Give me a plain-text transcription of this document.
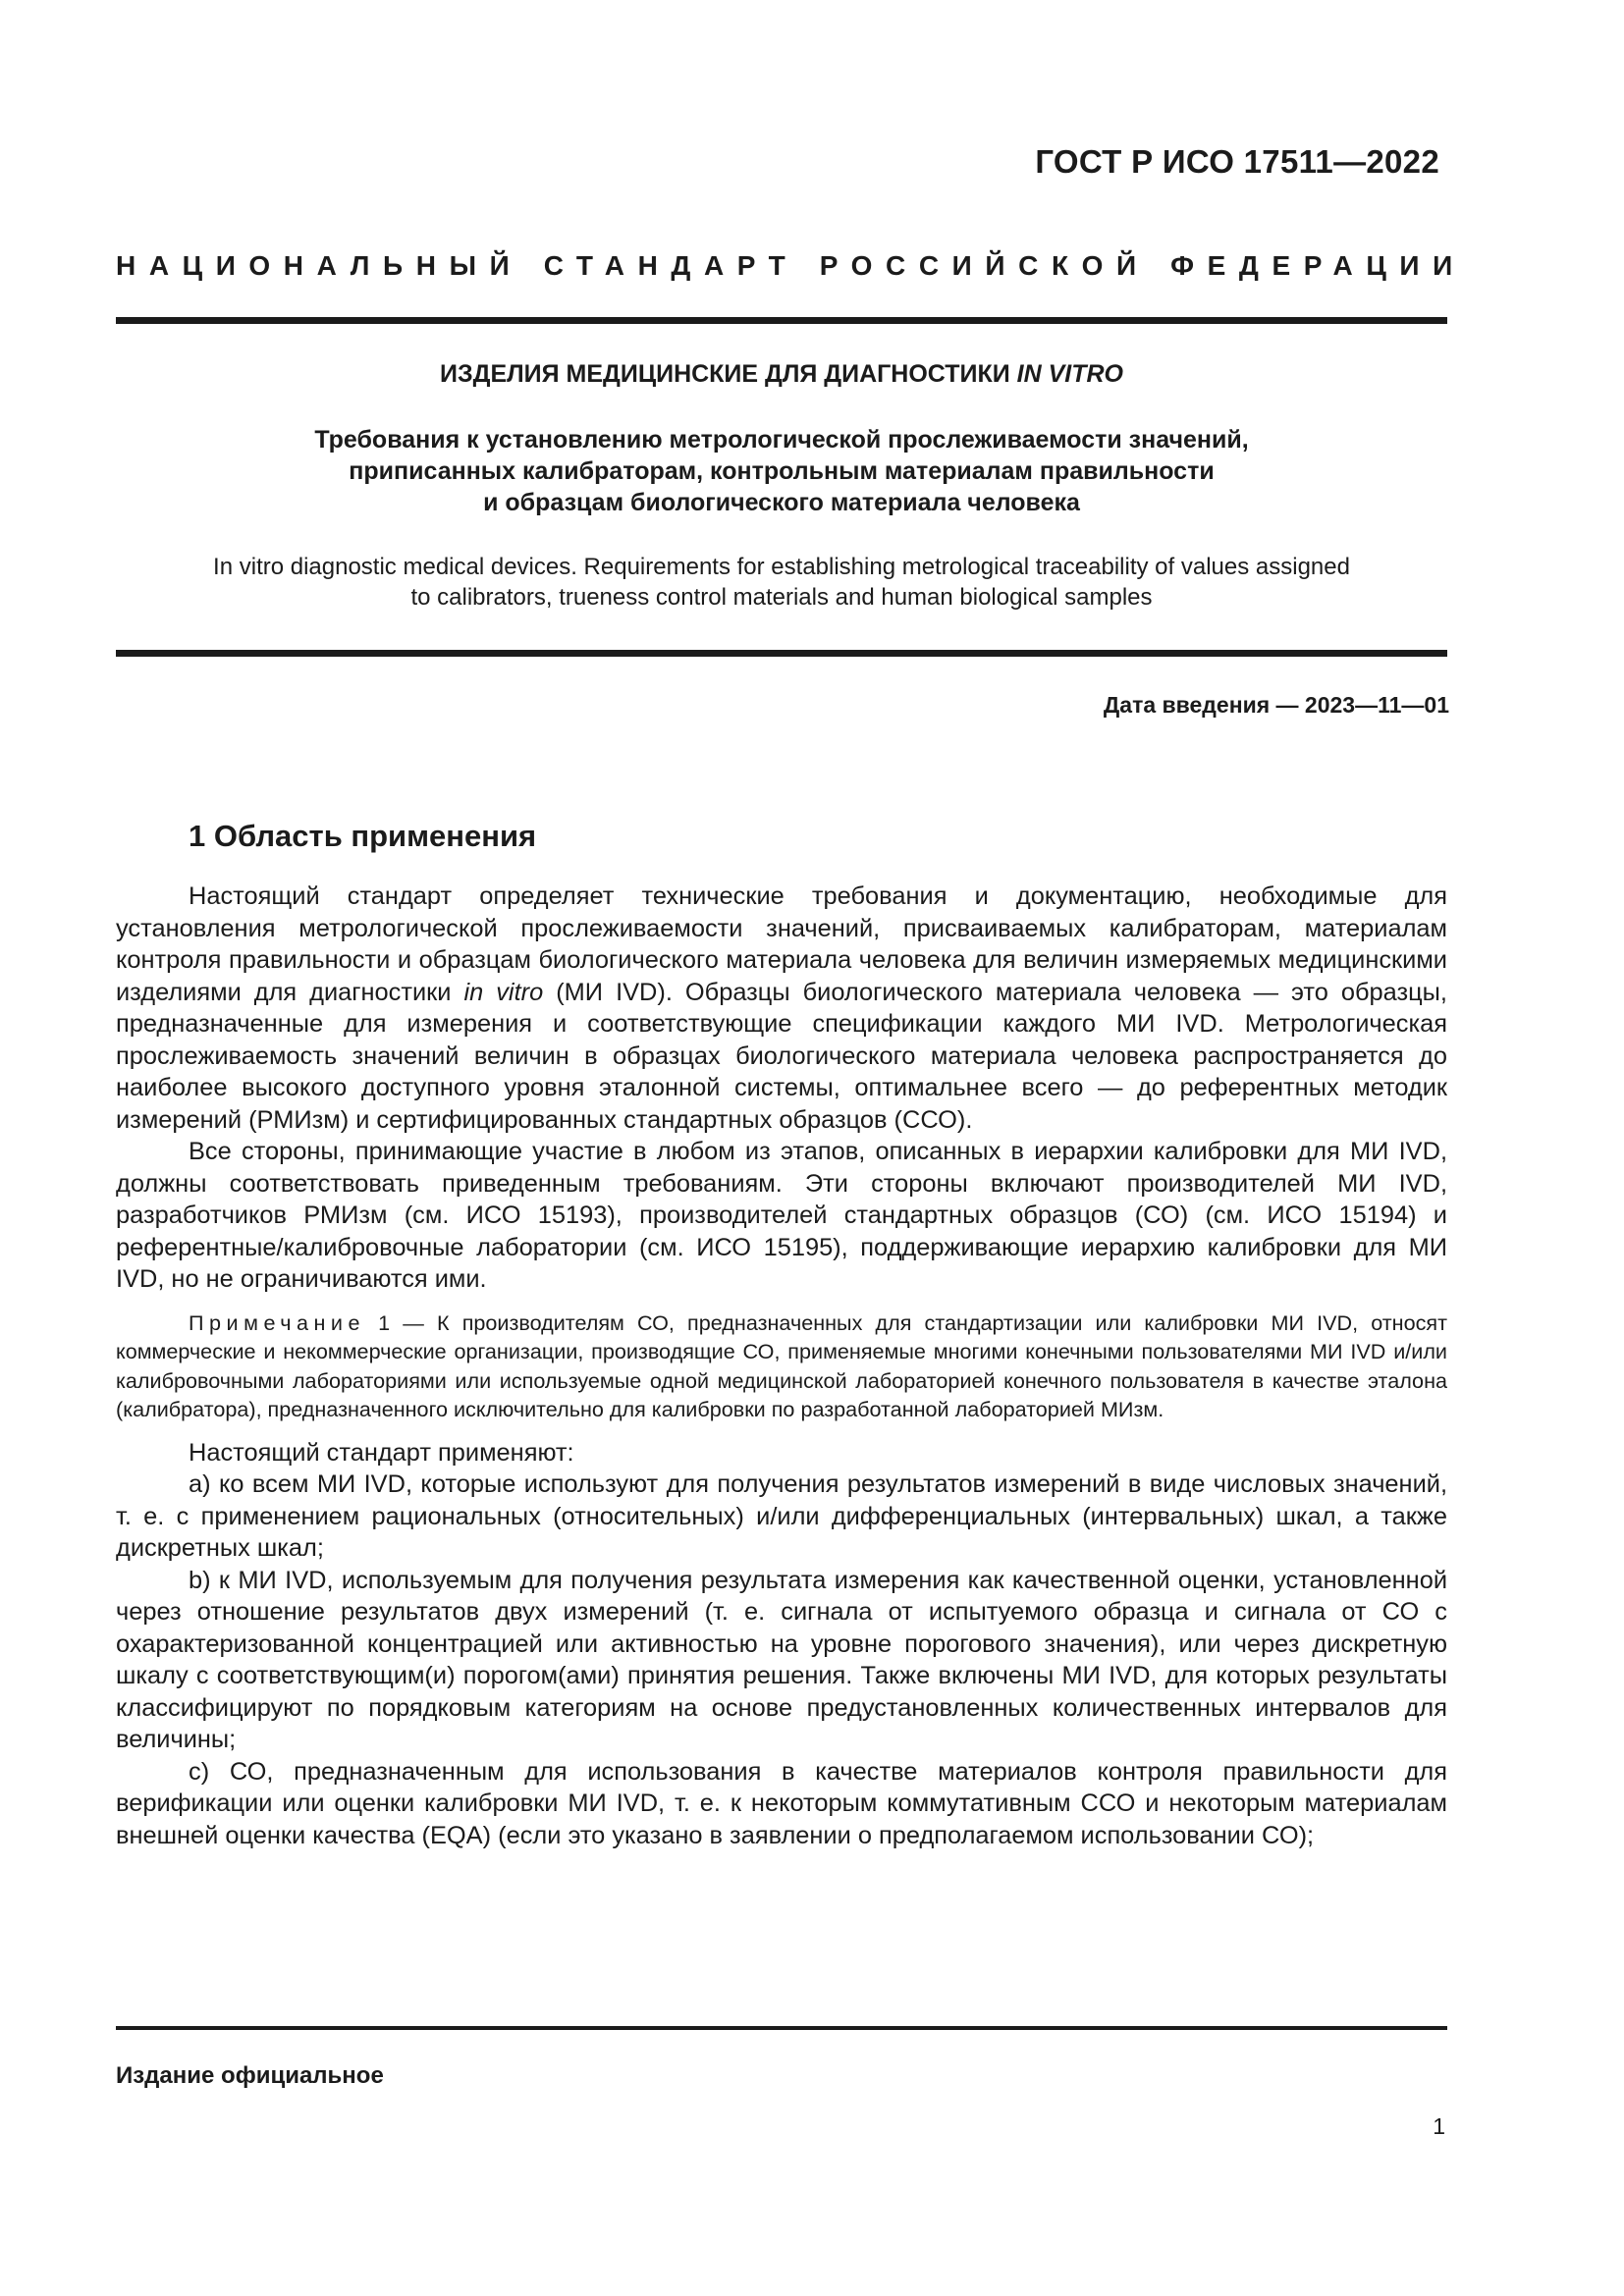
ГОСТ Р ИСО 17511—2022
НАЦИОНАЛЬНЫЙ СТАНДАРТ РОССИЙСКОЙ ФЕДЕРАЦИИ
ИЗДЕЛИЯ МЕДИЦИНСКИЕ ДЛЯ ДИАГНОСТИКИ IN VITRO
Требования к установлению метрологической прослеживаемости значений,
приписанных калибраторам, контрольным материалам правильности
и образцам биологического материала человека
In vitro diagnostic medical devices. Requirements for establishing metrological traceability of values assigned
to calibrators, trueness control materials and human biological samples
Дата введения — 2023—11—01
1 Область применения

Настоящий стандарт определяет технические требования и документацию, необходимые для установления метрологической прослеживаемости значений, присваиваемых калибраторам, материалам контроля правильности и образцам биологического материала человека для величин измеряемых медицинскими изделиями для диагностики in vitro (МИ IVD). Образцы биологического материала человека — это образцы, предназначенные для измерения и соответствующие спецификации каждого МИ IVD. Метрологическая прослеживаемость значений величин в образцах биологического материала человека распространяется до наиболее высокого доступного уровня эталонной системы, оптимальнее всего — до референтных методик измерений (РМИзм) и сертифицированных стандартных образцов (ССО).

Все стороны, принимающие участие в любом из этапов, описанных в иерархии калибровки для МИ IVD, должны соответствовать приведенным требованиям. Эти стороны включают производителей МИ IVD, разработчиков РМИзм (см. ИСО 15193), производителей стандартных образцов (СО) (см. ИСО 15194) и референтные/калибровочные лаборатории (см. ИСО 15195), поддерживающие иерархию калибровки для МИ IVD, но не ограничиваются ими.

Примечание 1 — К производителям СО, предназначенных для стандартизации или калибровки МИ IVD, относят коммерческие и некоммерческие организации, производящие СО, применяемые многими конечными пользователями МИ IVD и/или калибровочными лабораториями или используемые одной медицинской лабораторией конечного пользователя в качестве эталона (калибратора), предназначенного исключительно для калибровки по разработанной лабораторией МИзм.

Настоящий стандарт применяют:

a) ко всем МИ IVD, которые используют для получения результатов измерений в виде числовых значений, т. е. с применением рациональных (относительных) и/или дифференциальных (интервальных) шкал, а также дискретных шкал;

b) к МИ IVD, используемым для получения результата измерения как качественной оценки, установленной через отношение результатов двух измерений (т. е. сигнала от испытуемого образца и сигнала от СО с охарактеризованной концентрацией или активностью на уровне порогового значения), или через дискретную шкалу с соответствующим(и) порогом(ами) принятия решения. Также включены МИ IVD, для которых результаты классифицируют по порядковым категориям на основе предустановленных количественных интервалов для величины;

c) СО, предназначенным для использования в качестве материалов контроля правильности для верификации или оценки калибровки МИ IVD, т. е. к некоторым коммутативным ССО и некоторым материалам внешней оценки качества (EQA) (если это указано в заявлении о предполагаемом использовании СО);

Издание официальное
1
